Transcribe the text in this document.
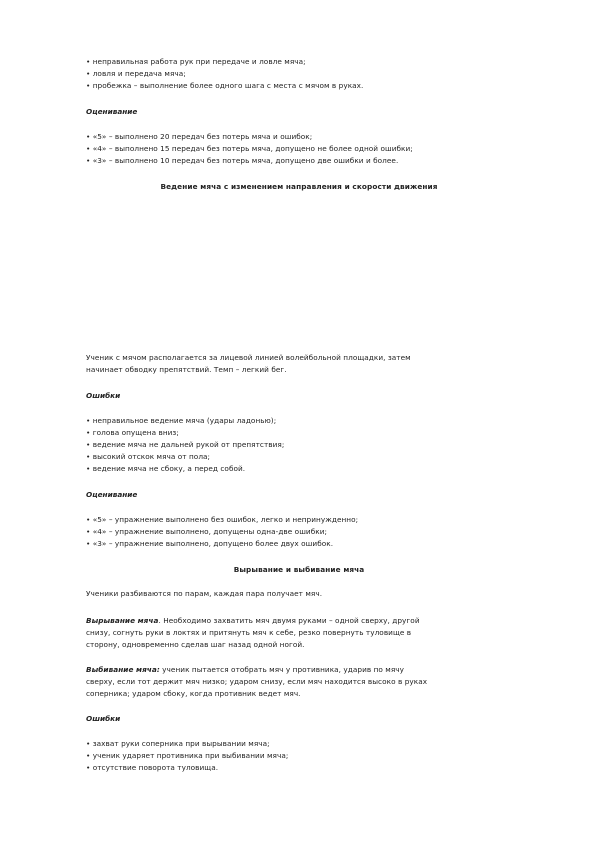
• неправильная работа рук при передаче и ловле мяча;
• ловля и передача мяча;
• пробежка – выполнение более одного шага с места с мячом в руках.
Оценивание
• «5» – выполнено 20 передач без потерь мяча и ошибок;
• «4» – выполнено 15 передач без потерь мяча, допущено не более одной ошибки;
• «3» – выполнено 10 передач без потерь мяча, допущено две ошибки и более.
Ведение мяча с изменением направления и скорости движения
Ученик с мячом располагается за лицевой линией волейбольной площадки, затем
начинает обводку препятствий. Темп – легкий бег.
Ошибки
• неправильное ведение мяча (удары ладонью);
• голова опущена вниз;
• ведение мяча не дальней рукой от препятствия;
• высокий отскок мяча от пола;
• ведение мяча не сбоку, а перед собой.
Оценивание
• «5» – упражнение выполнено без ошибок, легко и непринужденно;
• «4» – упражнение выполнено, допущены одна-две ошибки;
• «3» – упражнение выполнено, допущено более двух ошибок.
Вырывание и выбивание мяча
Ученики разбиваются по парам, каждая пара получает мяч.
Вырывание мяча. Необходимо захватить мяч двумя руками – одной сверху, другой
снизу, согнуть руки в локтях и притянуть мяч к себе, резко повернуть туловище в
сторону, одновременно сделав шаг назад одной ногой.
Выбивание мяча: ученик пытается отобрать мяч у противника, ударив по мячу
сверху, если тот держит мяч низко; ударом снизу, если мяч находится высоко в руках
соперника; ударом сбоку, когда противник ведет мяч.
Ошибки
• захват руки соперника при вырывании мяча;
• ученик ударяет противника при выбивании мяча;
• отсутствие поворота туловища.
